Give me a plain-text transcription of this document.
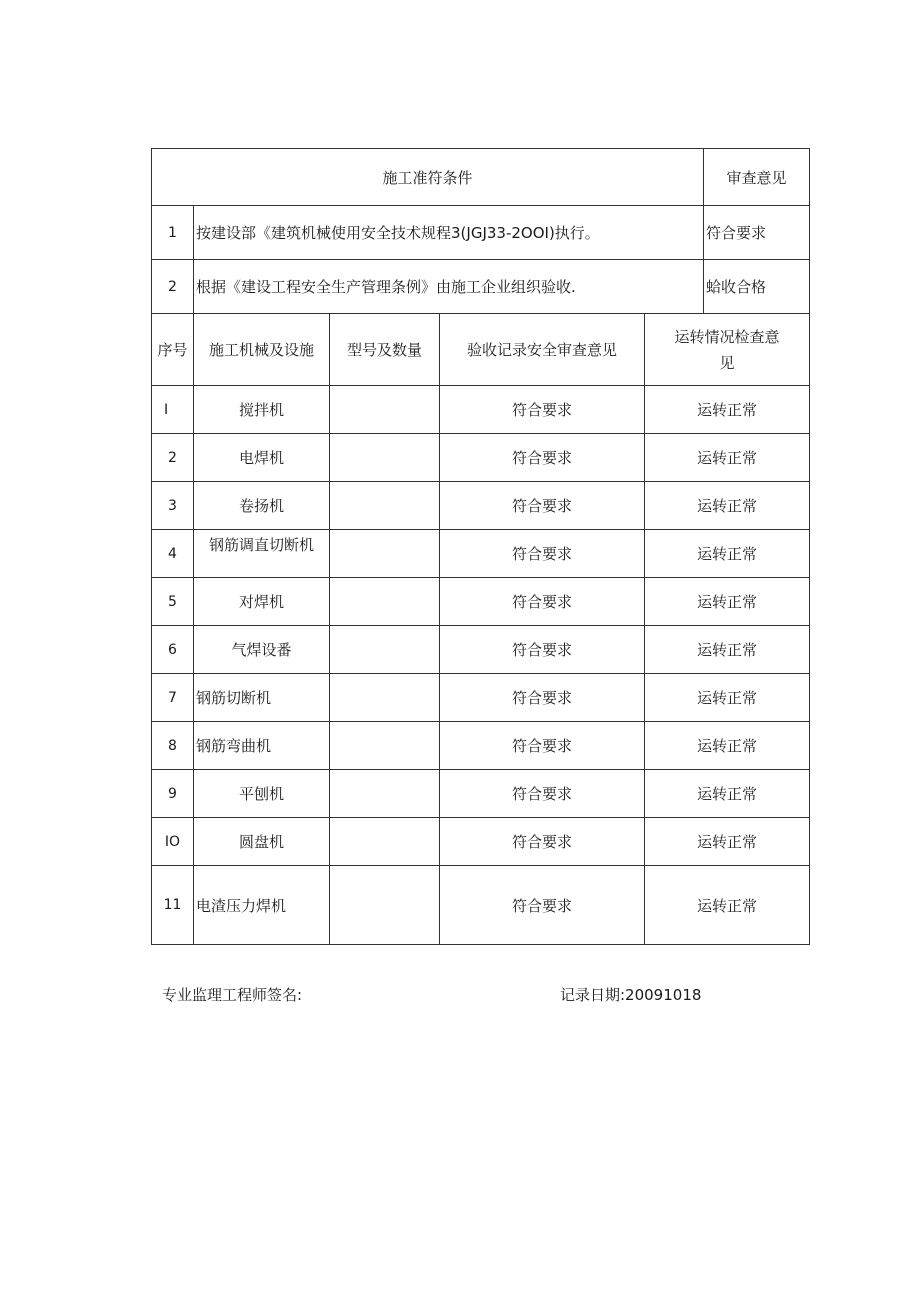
施工准符条件					审查意见
1	按建设部《建筑机械使用安全技术规程3(JGJ33-2OOI)执行。				符合要求
2	根据《建设工程安全生产管理条例》由施工企业组织验收.				蛤收合格
序号	施工机械及设施	型号及数量	验收记录安全审查意见	运转情况检查意见	

I	搅拌机		符合要求	运转正常	
2	电焊机		符合要求	运转正常	
3	卷扬机		符合要求	运转正常	
4	钢筋调直切断机		符合要求	运转正常	
5	对焊机		符合要求	运转正常	
6	气焊设番		符合要求	运转正常	
7	钢筋切断机		符合要求	运转正常	
8	钢筋弯曲机		符合要求	运转正常	
9	平刨机		符合要求	运转正常	
IO	圆盘机		符合要求	运转正常	
11	电渣压力焊机		符合要求	运转正常	
专业监理工程师签名:	记录日期:20091018
